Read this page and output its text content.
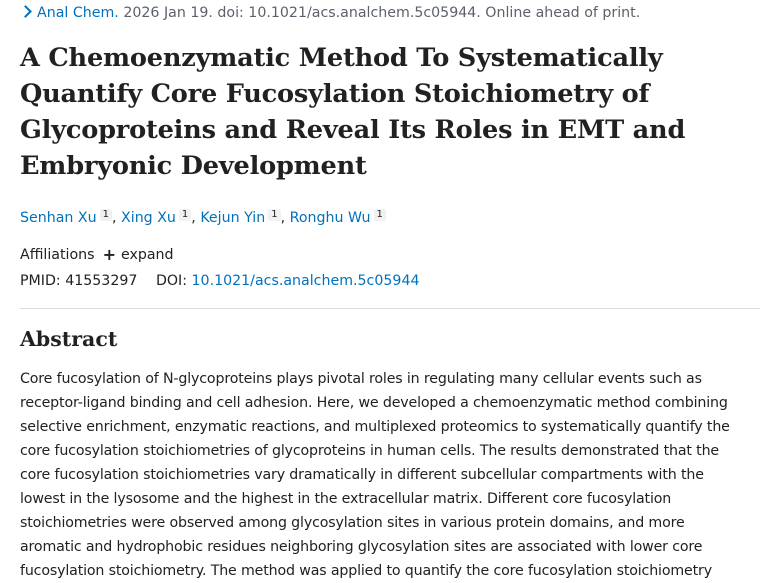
Anal Chem. 2026 Jan 19. doi: 10.1021/acs.analchem.5c05944. Online ahead of print.
A Chemoenzymatic Method To Systematically
Quantify Core Fucosylation Stoichiometry of
Glycoproteins and Reveal Its Roles in EMT and
Embryonic Development
Senhan Xu $^1$ , Xing Xu $^1$ , Kejun Yin $^1$ , Ronghu Wu $^1$
Affiliations + expand
PMID: 41553297 DOI: 10.1021/acs.analchem.5c05944
Abstract

Core fucosylation of N-glycoproteins plays pivotal roles in regulating many cellular events such as
receptor-ligand binding and cell adhesion. Here, we developed a chemoenzymatic method combining
selective enrichment, enzymatic reactions, and multiplexed proteomics to systematically quantify the
core fucosylation stoichiometries of glycoproteins in human cells. The results demonstrated that the
core fucosylation stoichiometries vary dramatically in different subcellular compartments with the
lowest in the lysosome and the highest in the extracellular matrix. Different core fucosylation
stoichiometries were observed among glycosylation sites in various protein domains, and more
aromatic and hydrophobic residues neighboring glycosylation sites are associated with lower core
fucosylation stoichiometry. The method was applied to quantify the core fucosylation stoichiometry
